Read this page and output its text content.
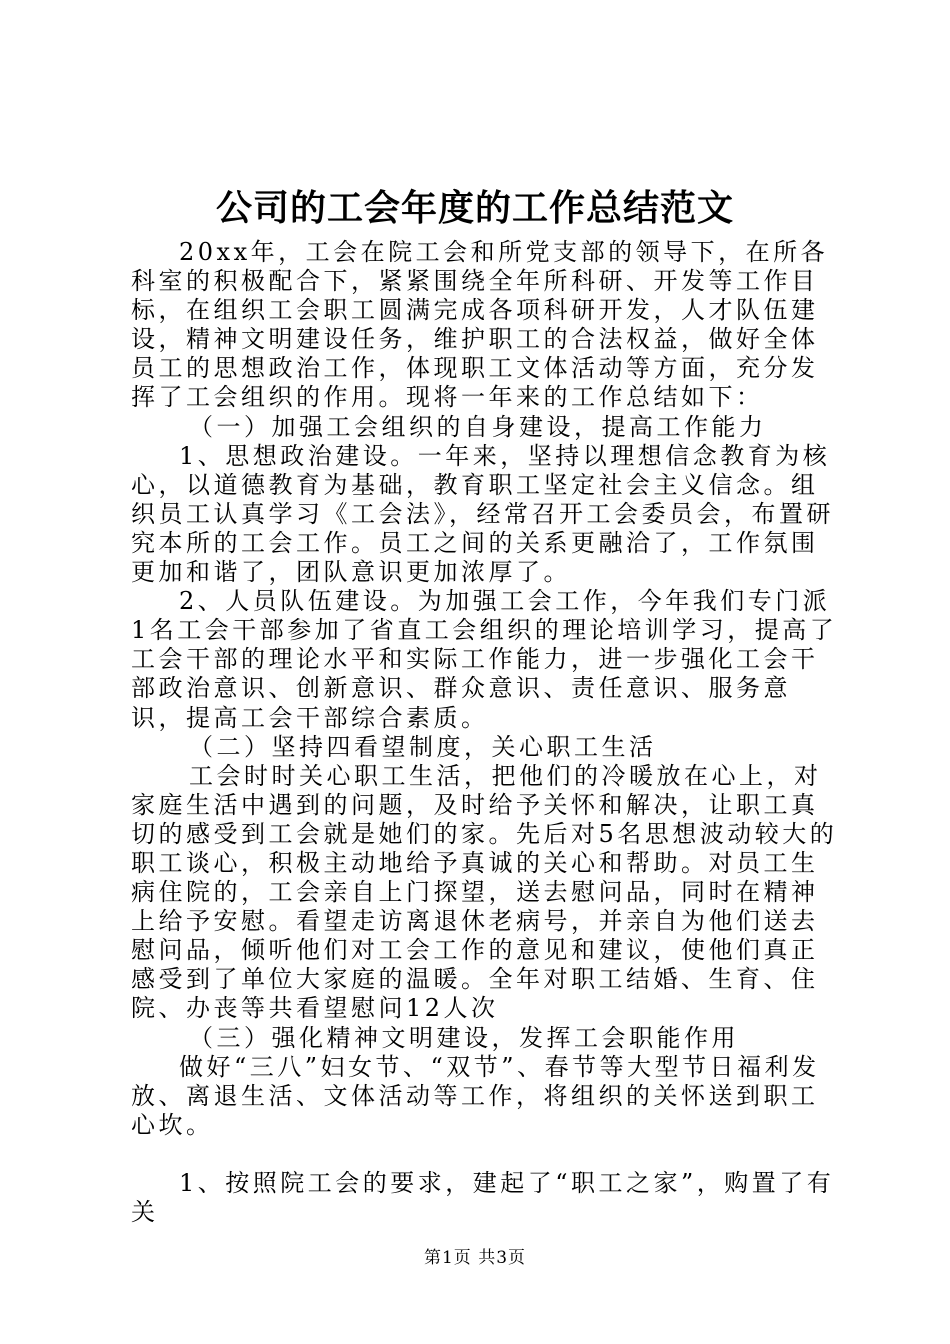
公司的工会年度的工作总结范文

20xx年，工会在院工会和所党支部的领导下，在所各科室的积极配合下，紧紧围绕全年所科研、开发等工作目标，在组织工会职工圆满完成各项科研开发，人才队伍建设，精神文明建设任务，维护职工的合法权益，做好全体员工的思想政治工作，体现职工文体活动等方面，充分发挥了工会组织的作用。现将一年来的工作总结如下：

（一）加强工会组织的自身建设，提高工作能力

1、思想政治建设。一年来，坚持以理想信念教育为核心，以道德教育为基础，教育职工坚定社会主义信念。组织员工认真学习《工会法》，经常召开工会委员会，布置研究本所的工会工作。员工之间的关系更融洽了，工作氛围更加和谐了，团队意识更加浓厚了。

2、人员队伍建设。为加强工会工作，今年我们专门派1名工会干部参加了省直工会组织的理论培训学习，提高了工会干部的理论水平和实际工作能力，进一步强化工会干部政治意识、创新意识、群众意识、责任意识、服务意识，提高工会干部综合素质。

（二）坚持四看望制度，关心职工生活

工会时时关心职工生活，把他们的冷暖放在心上，对家庭生活中遇到的问题，及时给予关怀和解决，让职工真切的感受到工会就是她们的家。先后对5名思想波动较大的职工谈心，积极主动地给予真诚的关心和帮助。对员工生病住院的，工会亲自上门探望，送去慰问品，同时在精神上给予安慰。看望走访离退休老病号，并亲自为他们送去慰问品，倾听他们对工会工作的意见和建议，使他们真正感受到了单位大家庭的温暖。全年对职工结婚、生育、住院、办丧等共看望慰问12人次

（三）强化精神文明建设，发挥工会职能作用

做好“三八”妇女节、“双节”、春节等大型节日福利发放、离退生活、文体活动等工作，将组织的关怀送到职工心坎。

1、按照院工会的要求，建起了“职工之家”，购置了有关

第1页 共3页
